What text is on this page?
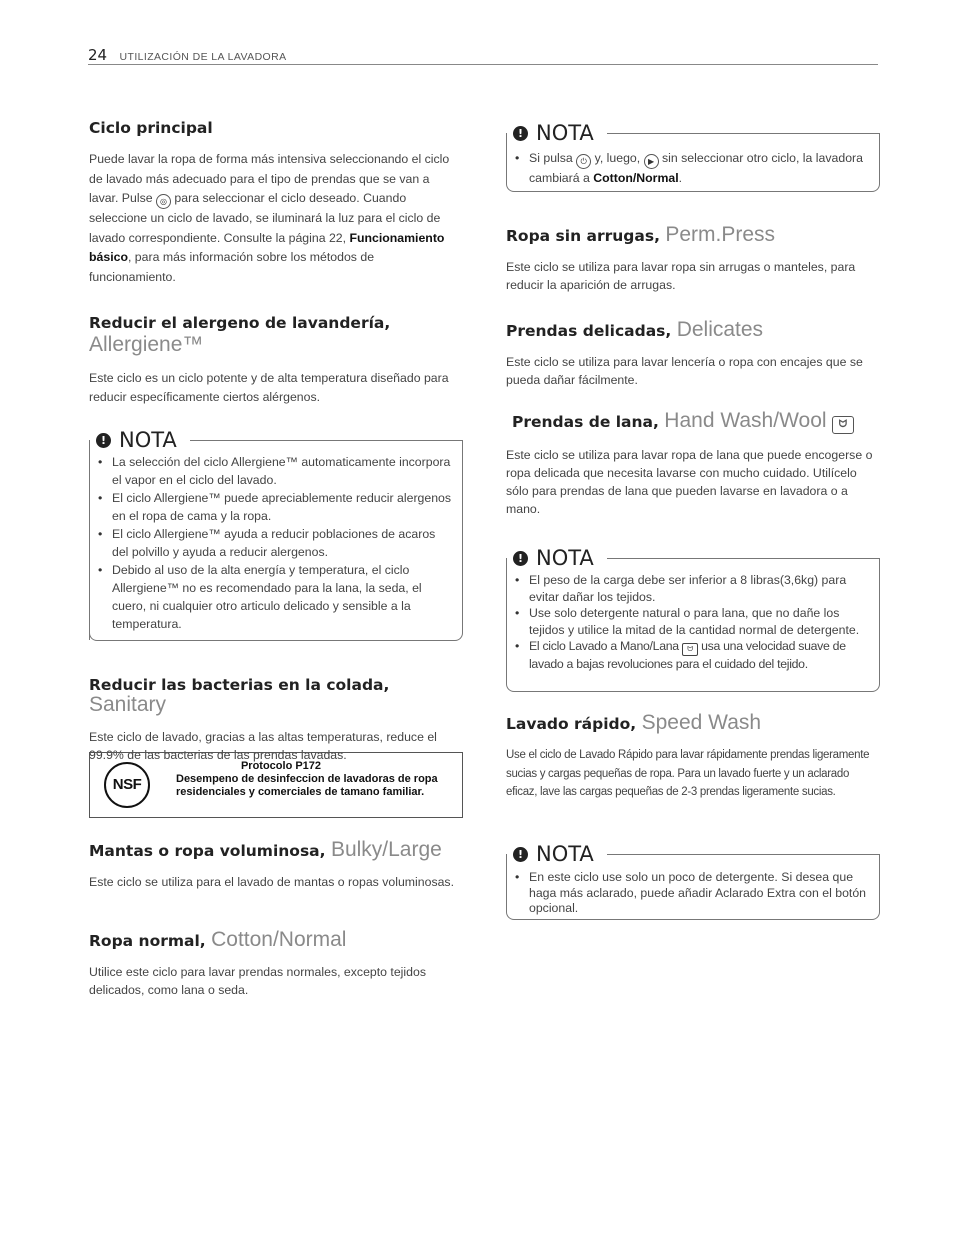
24 UTILIZACIÓN DE LA LAVADORA
Ciclo principal

Puede lavar la ropa de forma más intensiva seleccionando el ciclo de lavado más adecuado para el tipo de prendas que se van a lavar. Pulse ◎ para seleccionar el ciclo deseado. Cuando seleccione un ciclo de lavado, se iluminará la luz para el ciclo de lavado correspondiente. Consulte la página 22, Funcionamiento básico, para más información sobre los métodos de funcionamiento.

Reducir el alergeno de lavandería,
Allergiene™

Este ciclo es un ciclo potente y de alta temperatura diseñado para reducir específicamente ciertos alérgenos.

! NOTA
• La selección del ciclo Allergiene™ automaticamente incorpora el vapor en el ciclo del lavado.
• El ciclo Allergiene™ puede apreciablemente reducir alergenos en el ropa de cama y la ropa.
• El ciclo Allergiene™ ayuda a reducir poblaciones de acaros del polvillo y ayuda a reducir alergenos.
• Debido al uso de la alta energía y temperatura, el ciclo Allergiene™ no es recomendado para la lana, la seda, el cuero, ni cualquier otro articulo delicado y sensible a la temperatura.
Reducir las bacterias en la colada, Sanitary

Este ciclo de lavado, gracias a las altas temperaturas, reduce el 99.9% de las bacterias de las prendas lavadas.

NSF
Protocolo P172
Desempeno de desinfeccion de lavadoras de ropa residenciales y comerciales de tamano familiar.
Mantas o ropa voluminosa, Bulky/Large

Este ciclo se utiliza para el lavado de mantas o ropas voluminosas.

Ropa normal, Cotton/Normal

Utilice este ciclo para lavar prendas normales, excepto tejidos delicados, como lana o seda.

! NOTA
• Si pulsa ⏻ y, luego, ▶ sin seleccionar otro ciclo, la lavadora cambiará a Cotton/Normal.
Ropa sin arrugas, Perm.Press

Este ciclo se utiliza para lavar ropa sin arrugas o manteles, para reducir la aparición de arrugas.

Prendas delicadas, Delicates

Este ciclo se utiliza para lavar lencería o ropa con encajes que se pueda dañar fácilmente.

Prendas de lana, Hand Wash/Wool ᗢ

Este ciclo se utiliza para lavar ropa de lana que puede encogerse o ropa delicada que necesita lavarse con mucho cuidado. Utilícelo sólo para prendas de lana que pueden lavarse en lavadora o a mano.

! NOTA
• El peso de la carga debe ser inferior a 8 libras(3,6kg) para evitar dañar los tejidos.
• Use solo detergente natural o para lana, que no dañe los tejidos y utilice la mitad de la cantidad normal de detergente.
• El ciclo Lavado a Mano/Lana ᗢ usa una velocidad suave de lavado a bajas revoluciones para el cuidado del tejido.
Lavado rápido, Speed Wash

Use el ciclo de Lavado Rápido para lavar rápidamente prendas ligeramente sucias y cargas pequeñas de ropa. Para un lavado fuerte y un aclarado eficaz, lave las cargas pequeñas de 2-3 prendas ligeramente sucias.

! NOTA
• En este ciclo use solo un poco de detergente. Si desea que haga más aclarado, puede añadir Aclarado Extra con el botón opcional.
